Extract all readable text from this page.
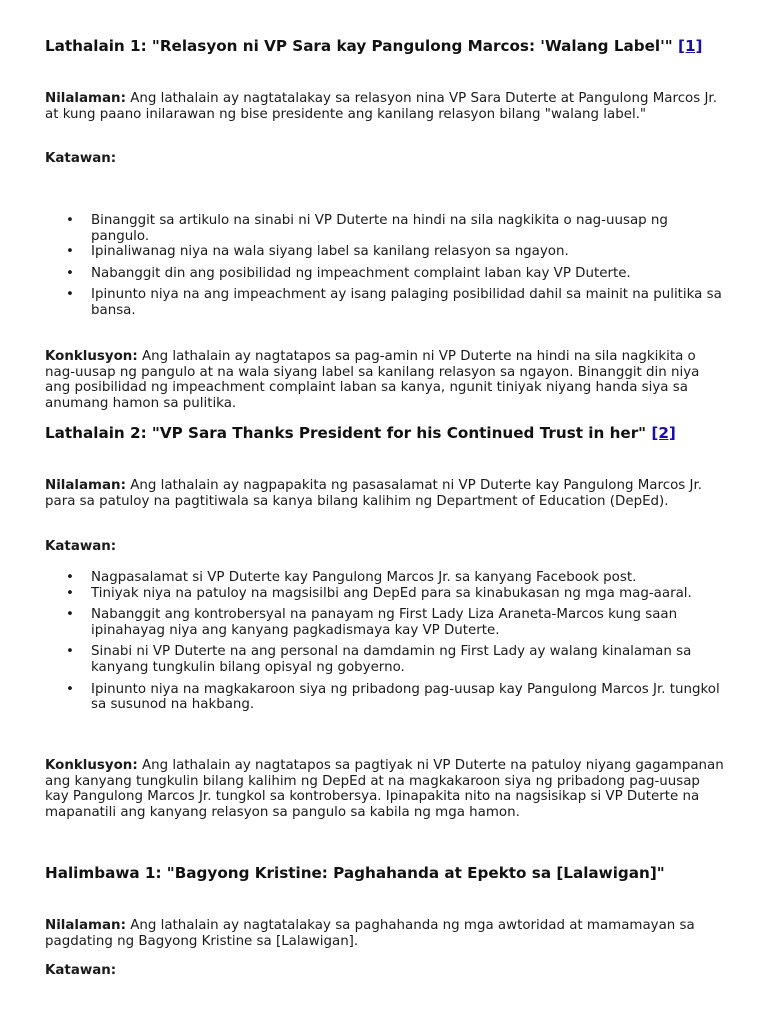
Lathalain 1: "Relasyon ni VP Sara kay Pangulong Marcos: 'Walang Label'" [1]

Nilalaman: Ang lathalain ay nagtatalakay sa relasyon nina VP Sara Duterte at Pangulong Marcos Jr. at kung paano inilarawan ng bise presidente ang kanilang relasyon bilang "walang label."

Katawan:

• Binanggit sa artikulo na sinabi ni VP Duterte na hindi na sila nagkikita o nag-uusap ng pangulo.
• Ipinaliwanag niya na wala siyang label sa kanilang relasyon sa ngayon.
• Nabanggit din ang posibilidad ng impeachment complaint laban kay VP Duterte.
• Ipinunto niya na ang impeachment ay isang palaging posibilidad dahil sa mainit na pulitika sa bansa.

Konklusyon: Ang lathalain ay nagtatapos sa pag-amin ni VP Duterte na hindi na sila nagkikita o nag-uusap ng pangulo at na wala siyang label sa kanilang relasyon sa ngayon. Binanggit din niya ang posibilidad ng impeachment complaint laban sa kanya, ngunit tiniyak niyang handa siya sa anumang hamon sa pulitika.

Lathalain 2: "VP Sara Thanks President for his Continued Trust in her" [2]

Nilalaman: Ang lathalain ay nagpapakita ng pasasalamat ni VP Duterte kay Pangulong Marcos Jr. para sa patuloy na pagtitiwala sa kanya bilang kalihim ng Department of Education (DepEd).

Katawan:

• Nagpasalamat si VP Duterte kay Pangulong Marcos Jr. sa kanyang Facebook post.
• Tiniyak niya na patuloy na magsisilbi ang DepEd para sa kinabukasan ng mga mag-aaral.
• Nabanggit ang kontrobersyal na panayam ng First Lady Liza Araneta-Marcos kung saan ipinahayag niya ang kanyang pagkadismaya kay VP Duterte.
• Sinabi ni VP Duterte na ang personal na damdamin ng First Lady ay walang kinalaman sa kanyang tungkulin bilang opisyal ng gobyerno.
• Ipinunto niya na magkakaroon siya ng pribadong pag-uusap kay Pangulong Marcos Jr. tungkol sa susunod na hakbang.

Konklusyon: Ang lathalain ay nagtatapos sa pagtiyak ni VP Duterte na patuloy niyang gagampanan ang kanyang tungkulin bilang kalihim ng DepEd at na magkakaroon siya ng pribadong pag-uusap kay Pangulong Marcos Jr. tungkol sa kontrobersya. Ipinapakita nito na nagsisikap si VP Duterte na mapanatili ang kanyang relasyon sa pangulo sa kabila ng mga hamon.

Halimbawa 1: "Bagyong Kristine: Paghahanda at Epekto sa [Lalawigan]"

Nilalaman: Ang lathalain ay nagtatalakay sa paghahanda ng mga awtoridad at mamamayan sa pagdating ng Bagyong Kristine sa [Lalawigan].

Katawan:
